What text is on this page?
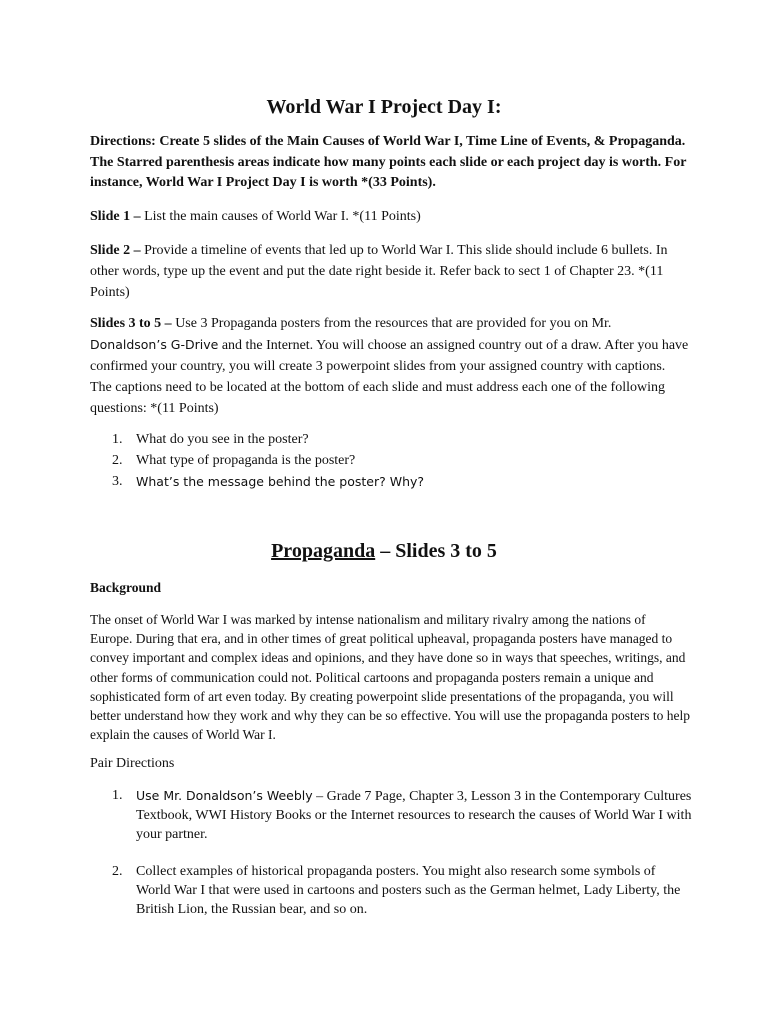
World War I Project Day I:
Directions: Create 5 slides of the Main Causes of World War I, Time Line of Events, & Propaganda. The Starred parenthesis areas indicate how many points each slide or each project day is worth. For instance, World War I Project Day I is worth *(33 Points).
Slide 1 – List the main causes of World War I. *(11 Points)
Slide 2 – Provide a timeline of events that led up to World War I. This slide should include 6 bullets. In other words, type up the event and put the date right beside it. Refer back to sect 1 of Chapter 23. *(11 Points)
Slides 3 to 5 – Use 3 Propaganda posters from the resources that are provided for you on Mr. Donaldson’s G-Drive and the Internet. You will choose an assigned country out of a draw. After you have confirmed your country, you will create 3 powerpoint slides from your assigned country with captions. The captions need to be located at the bottom of each slide and must address each one of the following questions: *(11 Points)
1. What do you see in the poster?
2. What type of propaganda is the poster?
3.	What’s the message behind the poster? Why?
Propaganda – Slides 3 to 5
Background
The onset of World War I was marked by intense nationalism and military rivalry among the nations of Europe. During that era, and in other times of great political upheaval, propaganda posters have managed to convey important and complex ideas and opinions, and they have done so in ways that speeches, writings, and other forms of communication could not. Political cartoons and propaganda posters remain a unique and sophisticated form of art even today. By creating powerpoint slide presentations of the propaganda, you will better understand how they work and why they can be so effective. You will use the propaganda posters to help explain the causes of World War I.
Pair Directions
1.	Use Mr. Donaldson’s Weebly – Grade 7 Page, Chapter 3, Lesson 3 in the Contemporary Cultures Textbook, WWI History Books or the Internet resources to research the causes of World War I with your partner.
2. Collect examples of historical propaganda posters. You might also research some symbols of World War I that were used in cartoons and posters such as the German helmet, Lady Liberty, the British Lion, the Russian bear, and so on.
